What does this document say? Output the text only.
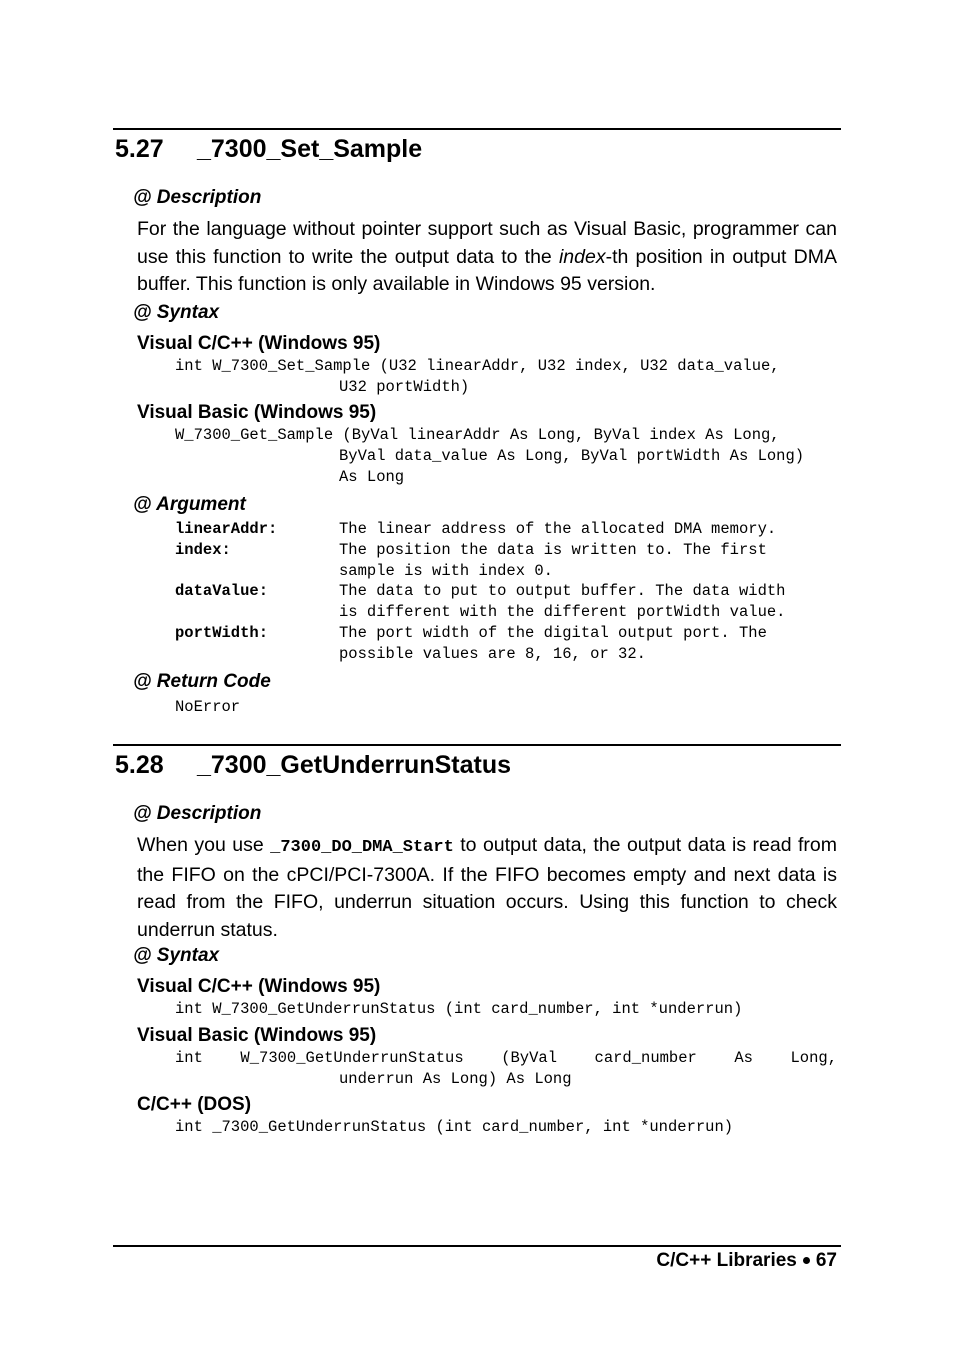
5.27 _7300_Set_Sample
@ Description

For the language without pointer support such as Visual Basic, programmer can use this function to write the output data to the index-th position in output DMA buffer. This function is only available in Windows 95 version.

@ Syntax
Visual C/C++ (Windows 95)
int W_7300_Set_Sample (U32 linearAddr, U32 index, U32 data_value,
U32 portWidth)
Visual Basic (Windows 95)
W_7300_Get_Sample (ByVal linearAddr As Long, ByVal index As Long,
ByVal data_value As Long, ByVal portWidth As Long)
As Long
@ Argument
linearAddr:	The linear address of the allocated DMA memory.
index:	The position the data is written to. The first
sample is with index 0.
dataValue:	The data to put to output buffer. The data width
is different with the different portWidth value.
portWidth:	The port width of the digital output port. The
possible values are 8, 16, or 32.
@ Return Code
NoError
5.28 _7300_GetUnderrunStatus
@ Description

When you use _7300_DO_DMA_Start to output data, the output data is read from the FIFO on the cPCI/PCI-7300A. If the FIFO becomes empty and next data is read from the FIFO, underrun situation occurs. Using this function to check underrun status.

@ Syntax
Visual C/C++ (Windows 95)
int W_7300_GetUnderrunStatus (int card_number, int *underrun)
Visual Basic (Windows 95)
int W_7300_GetUnderrunStatus (ByVal card_number As Long,
underrun As Long) As Long
C/C++ (DOS)
int _7300_GetUnderrunStatus (int card_number, int *underrun)
C/C++ Libraries 67
